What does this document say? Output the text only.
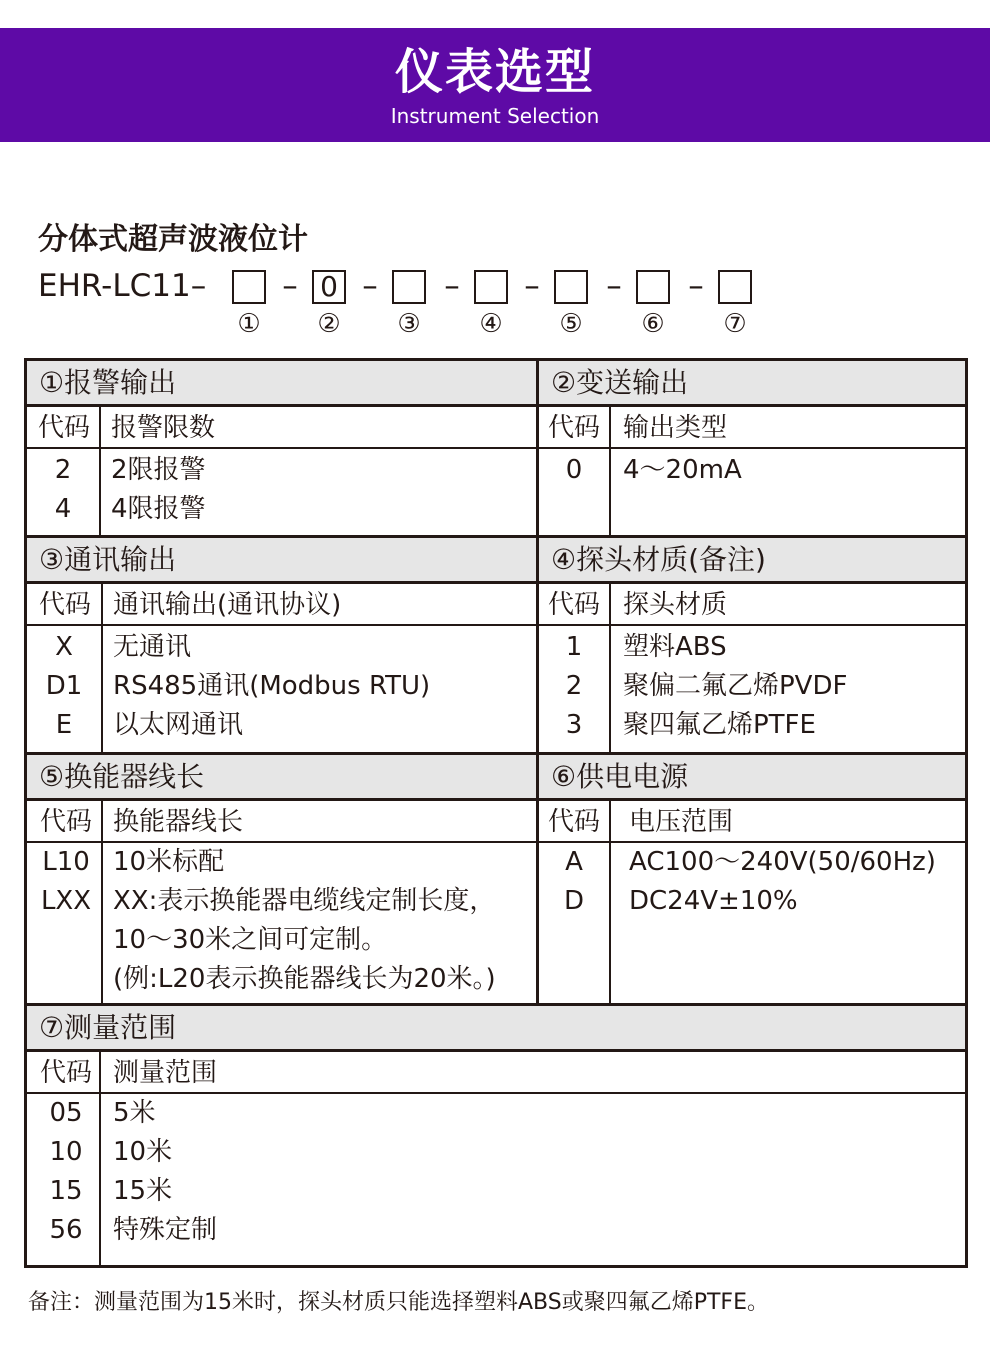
仪表选型
Instrument Selection
分体式超声波液位计
EHR-LC11– – 0 – – – – –
① ② ③ ④ ⑤ ⑥ ⑦
①报警输出
代码 报警限数
2	2限报警
4	4限报警
②变送输出
代码 输出类型
0	4～20mA
③通讯输出
代码 通讯输出(通讯协议)
X	无通讯
D1	RS485通讯(Modbus RTU)
E	以太网通讯
④探头材质(备注)
代码 探头材质
1	塑料ABS
2	聚偏二氟乙烯PVDF
3	聚四氟乙烯PTFE
⑤换能器线长
代码 换能器线长
L10 10米标配
LXX XX:表示换能器电缆线定制长度，
10～30米之间可定制。
(例:L20表示换能器线长为20米。)
⑥供电电源
代码	电压范围
A	AC100～240V(50/60Hz)
D	DC24V±10%
⑦测量范围
代码 测量范围
05	5米
10	10米
15	15米
56	特殊定制
备注：测量范围为15米时，探头材质只能选择塑料ABS或聚四氟乙烯PTFE。
